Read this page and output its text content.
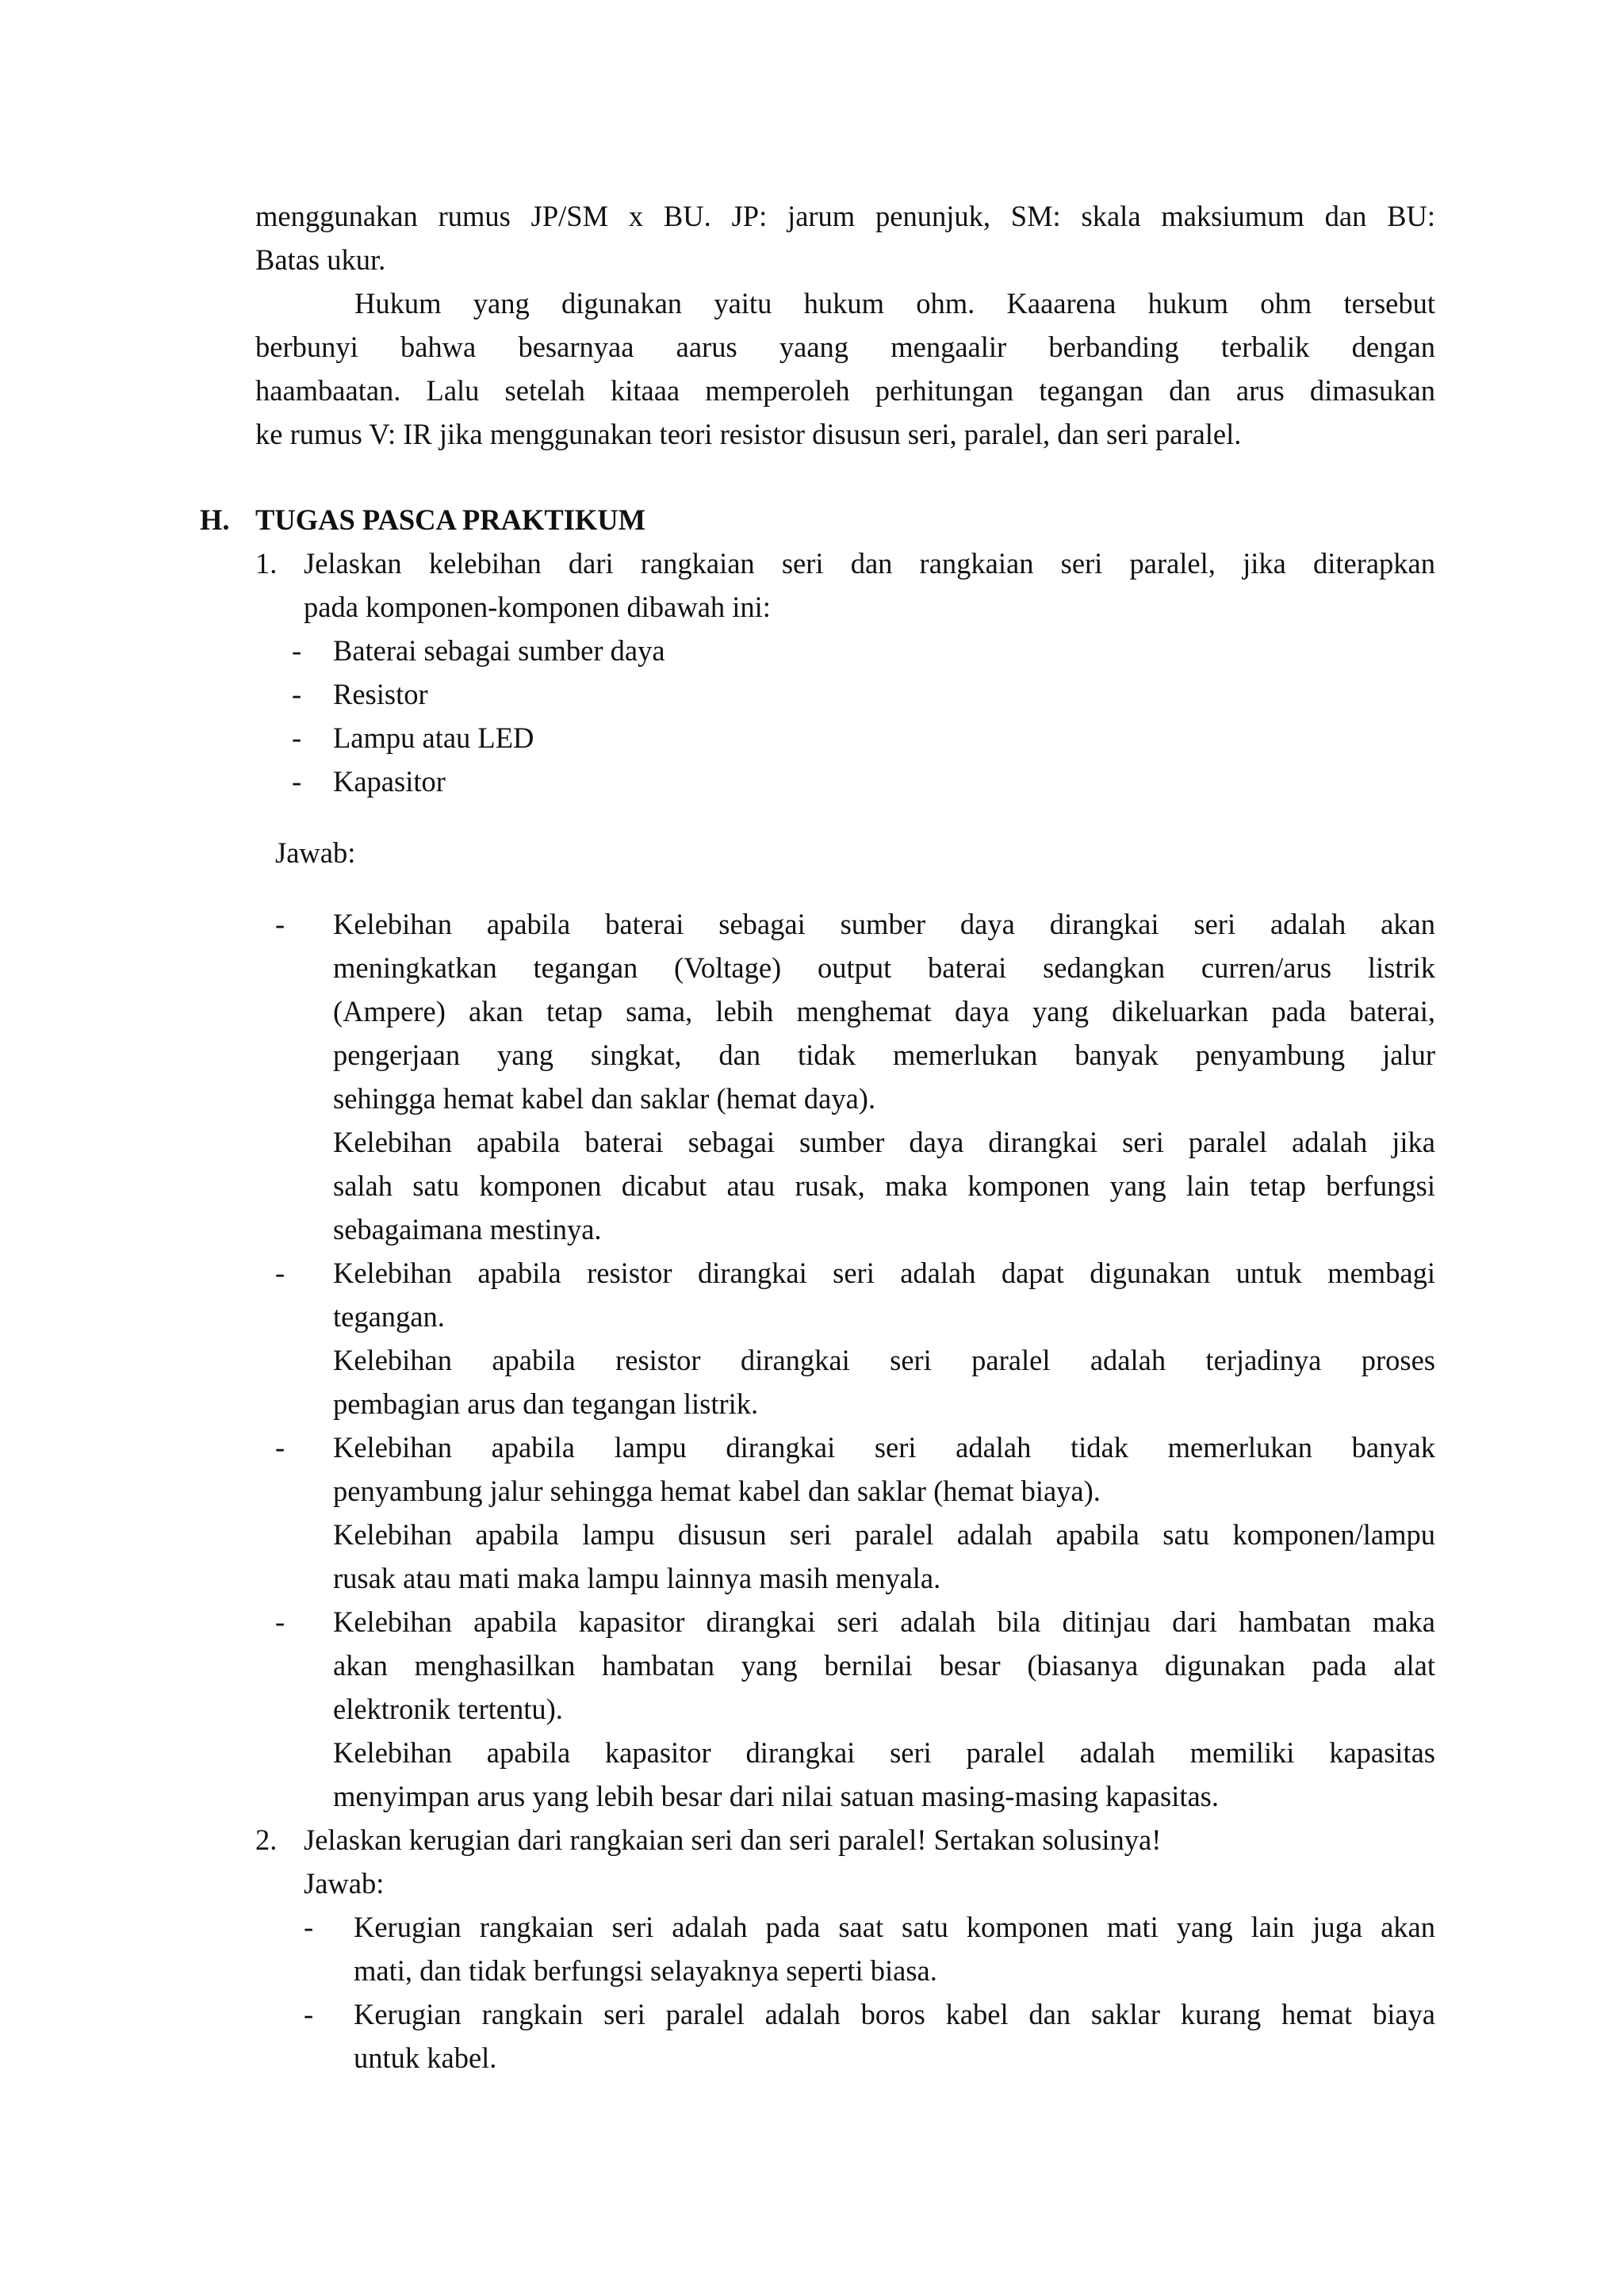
menggunakan rumus JP/SM x BU. JP: jarum penunjuk, SM: skala maksiumum dan BU:
Batas ukur.
Hukum yang digunakan yaitu hukum ohm. Kaaarena hukum ohm tersebut
berbunyi bahwa besarnyaa aarus yaang mengaalir berbanding terbalik dengan
haambaatan. Lalu setelah kitaaa memperoleh perhitungan tegangan dan arus dimasukan
ke rumus V: IR jika menggunakan teori resistor disusun seri, paralel, dan seri paralel.
H. TUGAS PASCA PRAKTIKUM
1. Jelaskan kelebihan dari rangkaian seri dan rangkaian seri paralel, jika diterapkan
pada komponen-komponen dibawah ini:
- Baterai sebagai sumber daya
- Resistor
- Lampu atau LED
- Kapasitor
Jawab:
- Kelebihan apabila baterai sebagai sumber daya dirangkai seri adalah akan
meningkatkan tegangan (Voltage) output baterai sedangkan curren/arus listrik
(Ampere) akan tetap sama, lebih menghemat daya yang dikeluarkan pada baterai,
pengerjaan yang singkat, dan tidak memerlukan banyak penyambung jalur
sehingga hemat kabel dan saklar (hemat daya).
Kelebihan apabila baterai sebagai sumber daya dirangkai seri paralel adalah jika
salah satu komponen dicabut atau rusak, maka komponen yang lain tetap berfungsi
sebagaimana mestinya.
- Kelebihan apabila resistor dirangkai seri adalah dapat digunakan untuk membagi
tegangan.
Kelebihan apabila resistor dirangkai seri paralel adalah terjadinya proses
pembagian arus dan tegangan listrik.
- Kelebihan apabila lampu dirangkai seri adalah tidak memerlukan banyak
penyambung jalur sehingga hemat kabel dan saklar (hemat biaya).
Kelebihan apabila lampu disusun seri paralel adalah apabila satu komponen/lampu
rusak atau mati maka lampu lainnya masih menyala.
- Kelebihan apabila kapasitor dirangkai seri adalah bila ditinjau dari hambatan maka
akan menghasilkan hambatan yang bernilai besar (biasanya digunakan pada alat
elektronik tertentu).
Kelebihan apabila kapasitor dirangkai seri paralel adalah memiliki kapasitas
menyimpan arus yang lebih besar dari nilai satuan masing-masing kapasitas.
2. Jelaskan kerugian dari rangkaian seri dan seri paralel! Sertakan solusinya!
Jawab:
- Kerugian rangkaian seri adalah pada saat satu komponen mati yang lain juga akan
mati, dan tidak berfungsi selayaknya seperti biasa.
- Kerugian rangkain seri paralel adalah boros kabel dan saklar kurang hemat biaya
untuk kabel.
